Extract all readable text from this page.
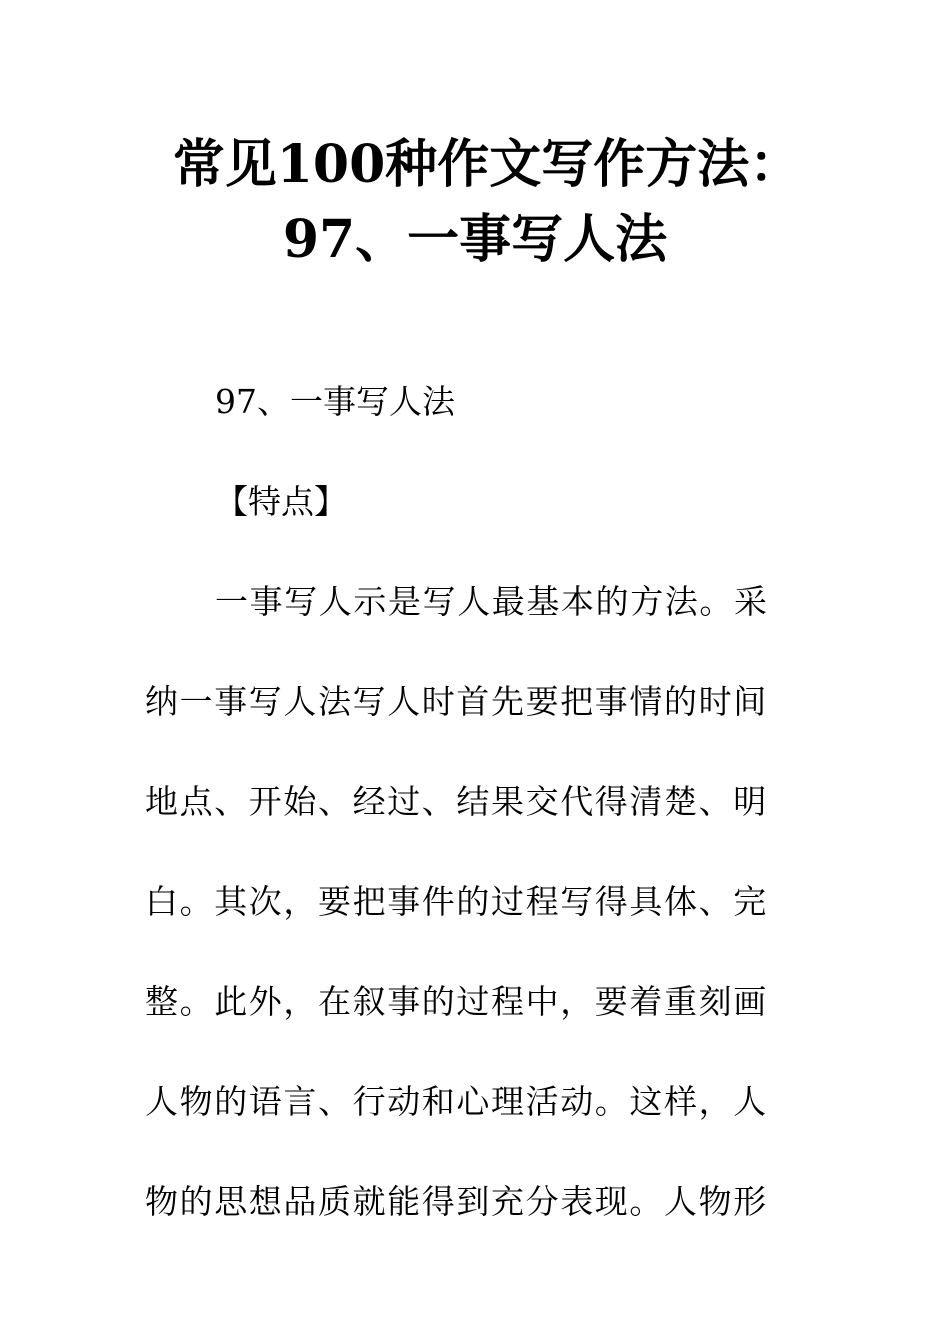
常见100种作文写作方法：
97、一事写人法
97、一事写人法
【特点】
一事写人示是写人最基本的方法。采
纳一事写人法写人时首先要把事情的时间
地点、开始、经过、结果交代得清楚、明
白。其次，要把事件的过程写得具体、完
整。此外，在叙事的过程中，要着重刻画
人物的语言、行动和心理活动。这样，人
物的思想品质就能得到充分表现。人物形
